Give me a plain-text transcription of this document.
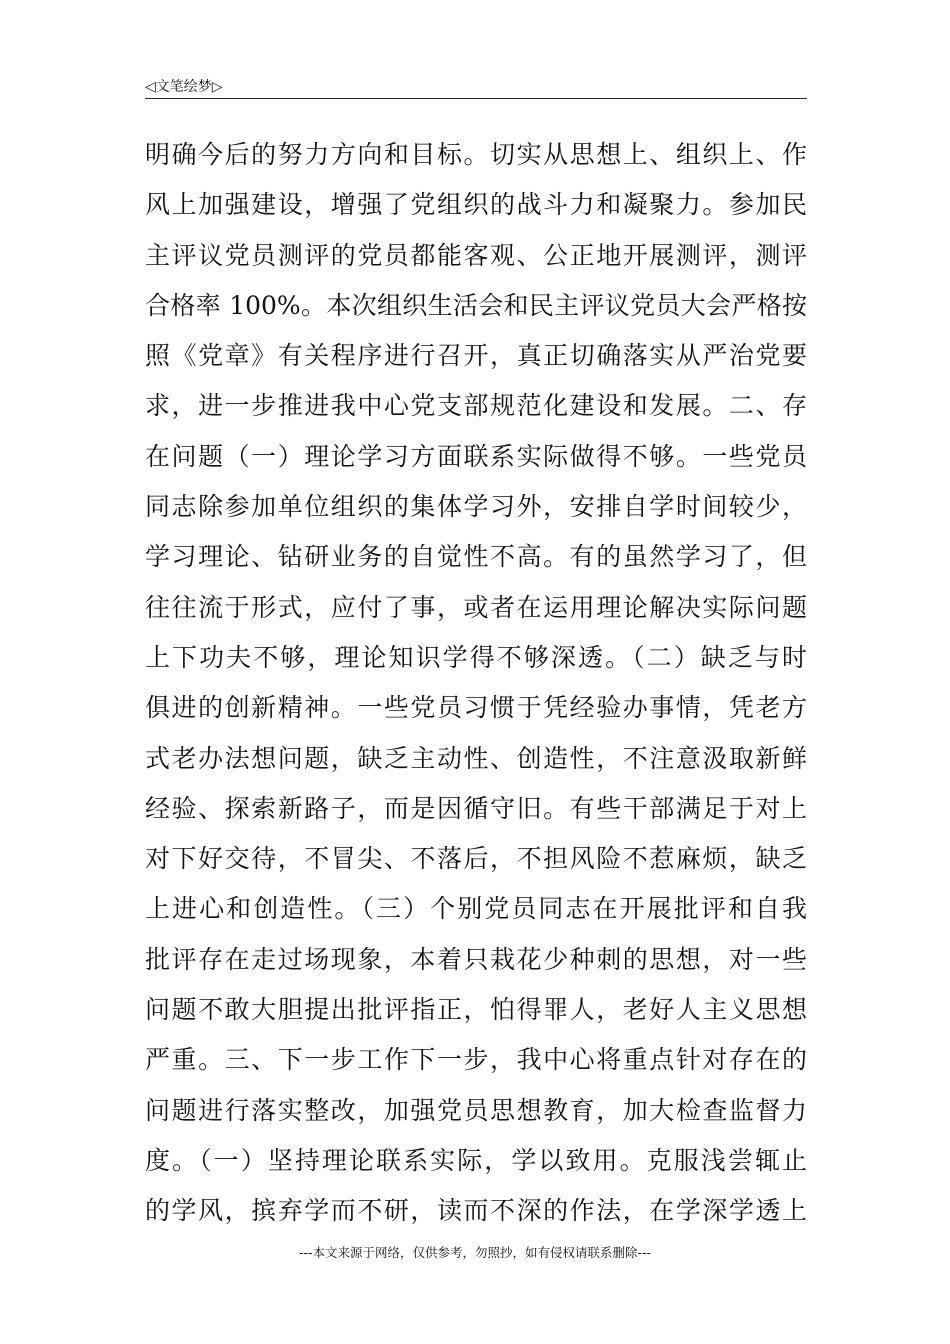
◁文笔绘梦▷
明确今后的努力方向和目标。切实从思想上、组织上、作
风上加强建设，增强了党组织的战斗力和凝聚力。参加民
主评议党员测评的党员都能客观、公正地开展测评，测评
合格率 100%。本次组织生活会和民主评议党员大会严格按
照《党章》有关程序进行召开，真正切确落实从严治党要
求，进一步推进我中心党支部规范化建设和发展。二、存
在问题（一）理论学习方面联系实际做得不够。一些党员
同志除参加单位组织的集体学习外，安排自学时间较少，
学习理论、钻研业务的自觉性不高。有的虽然学习了，但
往往流于形式，应付了事，或者在运用理论解决实际问题
上下功夫不够，理论知识学得不够深透。（二）缺乏与时
俱进的创新精神。一些党员习惯于凭经验办事情，凭老方
式老办法想问题，缺乏主动性、创造性，不注意汲取新鲜
经验、探索新路子，而是因循守旧。有些干部满足于对上
对下好交待，不冒尖、不落后，不担风险不惹麻烦，缺乏
上进心和创造性。（三）个别党员同志在开展批评和自我
批评存在走过场现象，本着只栽花少种刺的思想，对一些
问题不敢大胆提出批评指正，怕得罪人，老好人主义思想
严重。三、下一步工作下一步，我中心将重点针对存在的
问题进行落实整改，加强党员思想教育，加大检查监督力
度。（一）坚持理论联系实际，学以致用。克服浅尝辄止
的学风，摈弃学而不研，读而不深的作法，在学深学透上
---本文来源于网络，仅供参考，勿照抄，如有侵权请联系删除---
